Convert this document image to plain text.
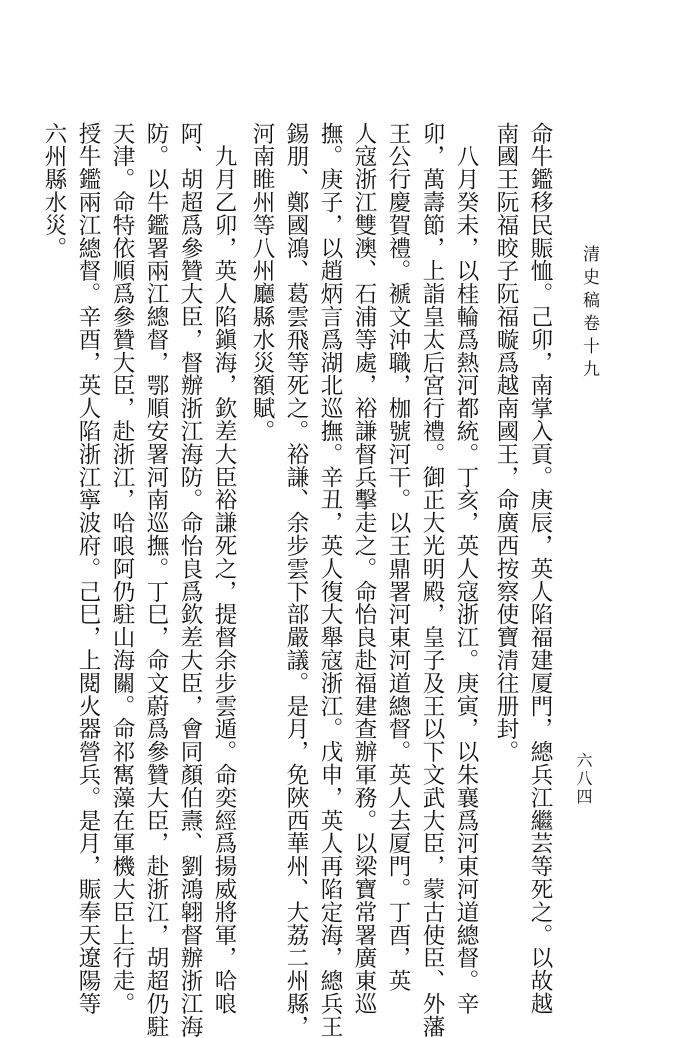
清史稿卷十九
六八四
命牛鑑移民賑恤。己卯，南掌入貢。庚辰，英人陷福建厦門，總兵江繼芸等死之。以故越
南國王阮福晈子阮福暶爲越南國王，命廣西按察使寶清往册封。
　八月癸未，以桂輪爲熱河都統。丁亥，英人寇浙江。庚寅，以朱襄爲河東河道總督。辛
卯，萬壽節，上詣皇太后宮行禮。御正大光明殿，皇子及王以下文武大臣，蒙古使臣、外藩
王公行慶賀禮。褫文沖職，枷號河干。以王鼎署河東河道總督。英人去厦門。丁酉，英
人寇浙江雙澳、石浦等處，裕謙督兵擊走之。命怡良赴福建查辦軍務。以梁寶常署廣東巡
撫。庚子，以趙炳言爲湖北巡撫。辛丑，英人復大舉寇浙江。戊申，英人再陷定海，總兵王
錫朋、鄭國鴻、葛雲飛等死之。裕謙、余步雲下部嚴議。是月，免陜西華州、大荔二州縣，
河南睢州等八州廳縣水災額賦。
　九月乙卯，英人陷鎭海，欽差大臣裕謙死之，提督余步雲遁。命奕經爲揚威將軍，哈哴
阿、胡超爲參贊大臣，督辦浙江海防。命怡良爲欽差大臣，會同顏伯燾、劉鴻翶督辦浙江海
防。以牛鑑署兩江總督，鄂順安署河南巡撫。丁巳，命文蔚爲參贊大臣，赴浙江，胡超仍駐
天津。命特依順爲參贊大臣，赴浙江，哈哴阿仍駐山海關。命祁寯藻在軍機大臣上行走。
授牛鑑兩江總督。辛酉，英人陷浙江寧波府。己巳，上閱火器營兵。是月，賑奉天遼陽等
六州縣水災。
